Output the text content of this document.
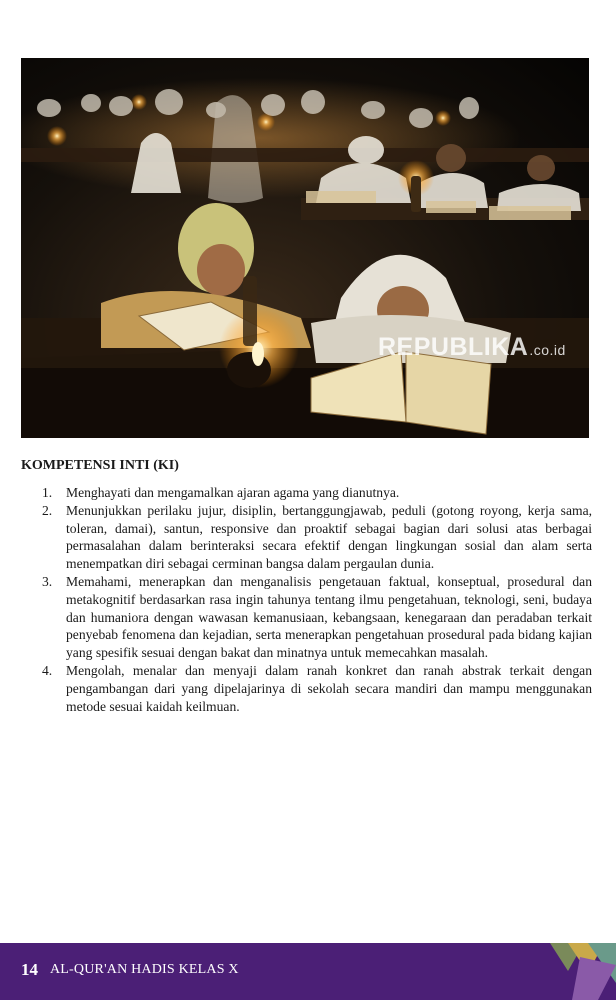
REPUBLIKA.co.id
KOMPETENSI INTI (KI)
1. Menghayati dan mengamalkan ajaran agama yang dianutnya.
2. Menunjukkan perilaku jujur, disiplin, bertanggungjawab, peduli (gotong royong, kerja sama, toleran, damai), santun, responsive dan proaktif sebagai bagian dari solusi atas berbagai permasalahan dalam berinteraksi secara efektif dengan lingkungan sosial dan alam serta menempatkan diri sebagai cerminan bangsa dalam pergaulan dunia.
3. Memahami, menerapkan dan menganalisis pengetauan faktual, konseptual, prosedural dan metakognitif berdasarkan rasa ingin tahunya tentang ilmu pengetahuan, teknologi, seni, budaya dan humaniora dengan wawasan kemanusiaan, kebangsaan, kenegaraan dan peradaban terkait penyebab fenomena dan kejadian, serta menerapkan pengetahuan prosedural pada bidang kajian yang spesifik sesuai dengan bakat dan minatnya untuk memecahkan masalah.
4. Mengolah, menalar dan menyaji dalam ranah konkret dan ranah abstrak terkait dengan pengambangan dari yang dipelajarinya di sekolah secara mandiri dan mampu menggunakan metode sesuai kaidah keilmuan.
14 AL-QUR'AN HADIS KELAS X
